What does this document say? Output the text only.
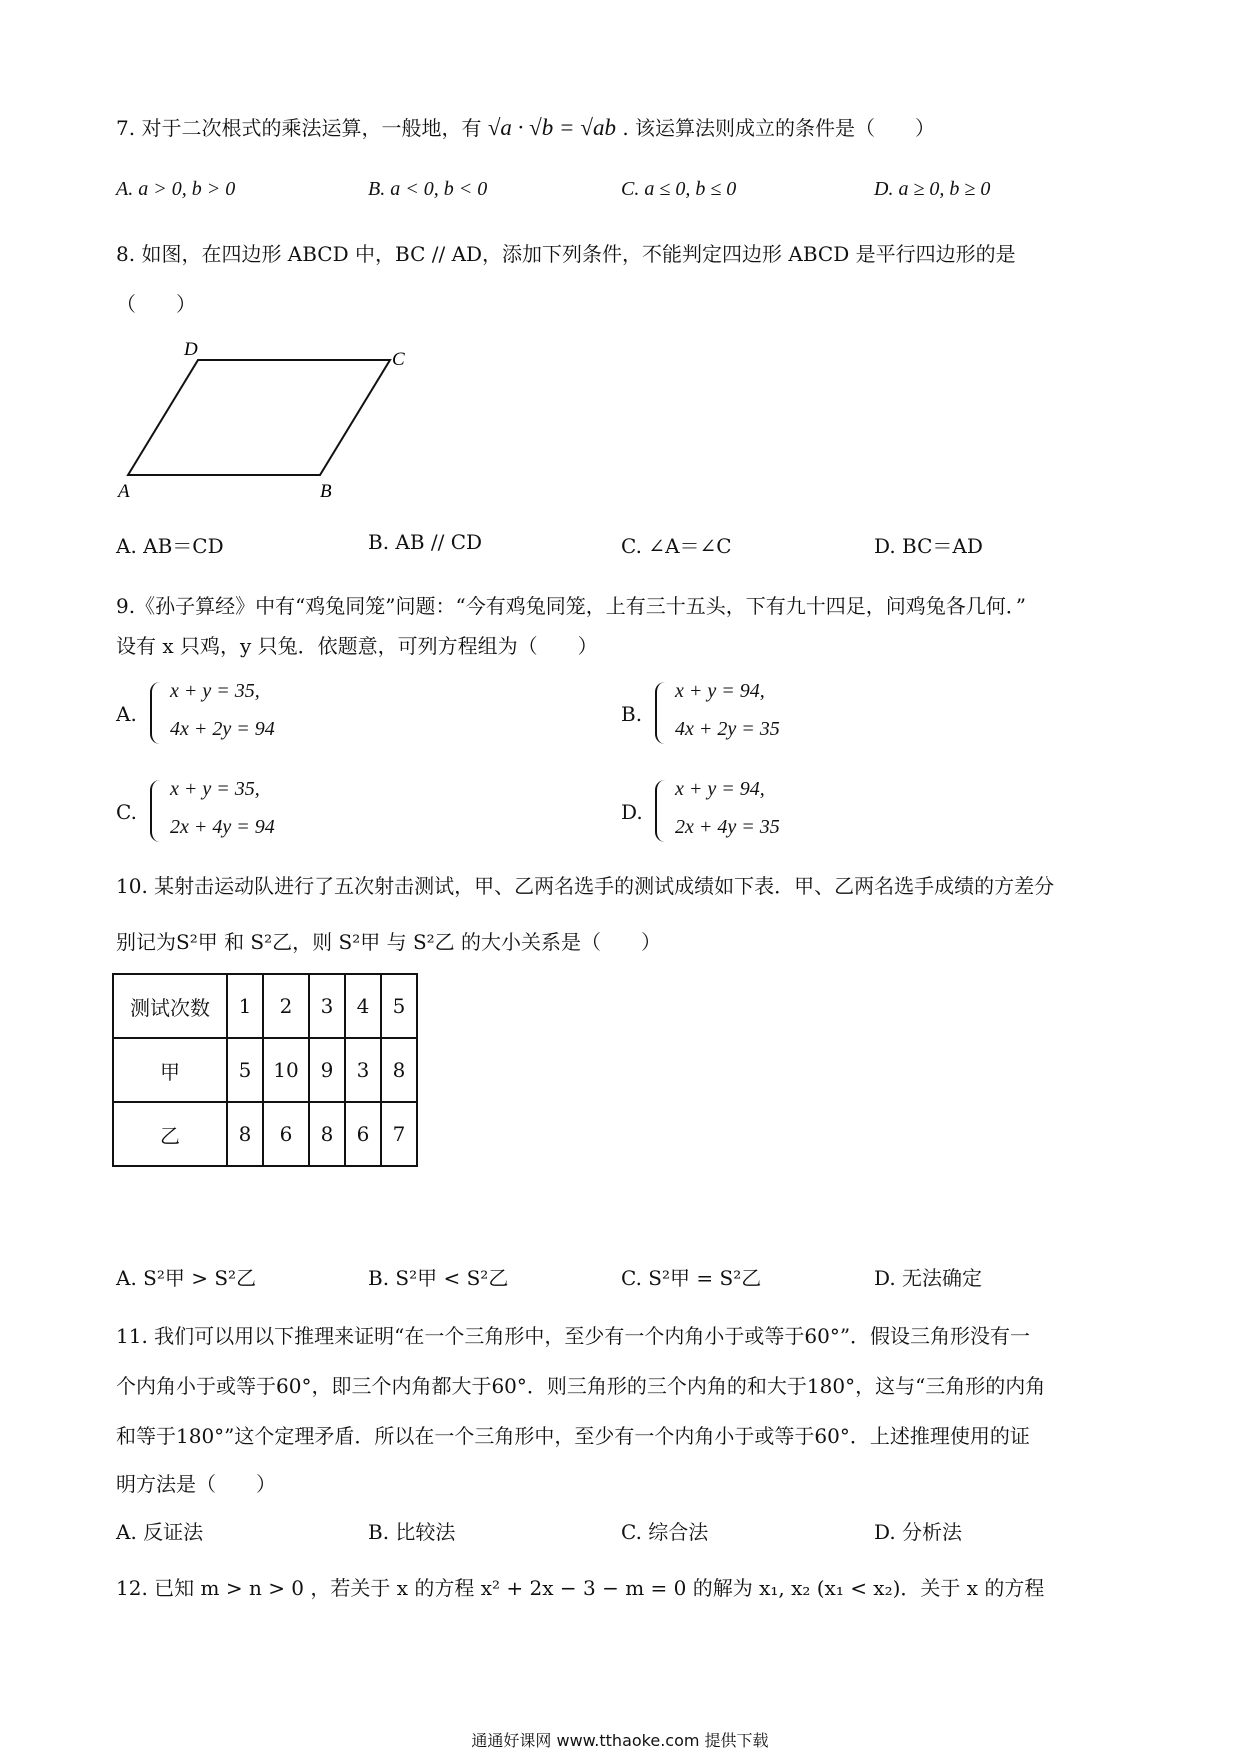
7. 对于二次根式的乘法运算，一般地，有 √a · √b = √ab . 该运算法则成立的条件是（　　）
A. a > 0, b > 0	B. a < 0, b < 0	C. a ≤ 0, b ≤ 0	D. a ≥ 0, b ≥ 0
8. 如图，在四边形 ABCD 中，BC // AD，添加下列条件，不能判定四边形 ABCD 是平行四边形的是
（　　）
A	B
C
D
A. AB＝CD	B. AB // CD	C. ∠A＝∠C	D. BC＝AD
9.《孙子算经》中有“鸡兔同笼”问题：“今有鸡兔同笼，上有三十五头，下有九十四足，问鸡兔各几何．”
设有 x 只鸡，y 只兔．依题意，可列方程组为（　　）
A.
x + y = 35,
4x + 2y = 94
B.
x + y = 94,
4x + 2y = 35
C.
x + y = 35,
2x + 4y = 94
D.
x + y = 94,
2x + 4y = 35
10. 某射击运动队进行了五次射击测试，甲、乙两名选手的测试成绩如下表．甲、乙两名选手成绩的方差分
别记为S²甲 和 S²乙，则 S²甲 与 S²乙 的大小关系是（　　）
测试次数	1	2	3	4	5
甲	5	10	9	3	8
乙	8	6	8	6	7
A. S²甲 > S²乙	B. S²甲 < S²乙	C. S²甲 = S²乙	D. 无法确定
11. 我们可以用以下推理来证明“在一个三角形中，至少有一个内角小于或等于60°”．假设三角形没有一
个内角小于或等于60°，即三个内角都大于60°．则三角形的三个内角的和大于180°，这与“三角形的内角
和等于180°”这个定理矛盾．所以在一个三角形中，至少有一个内角小于或等于60°．上述推理使用的证
明方法是（　　）
A. 反证法	B. 比较法	C. 综合法	D. 分析法
12. 已知 m > n > 0 ，若关于 x 的方程 x² + 2x − 3 − m = 0 的解为 x₁, x₂ (x₁ < x₂)．关于 x 的方程
通通好课网 www.tthaoke.com 提供下载
